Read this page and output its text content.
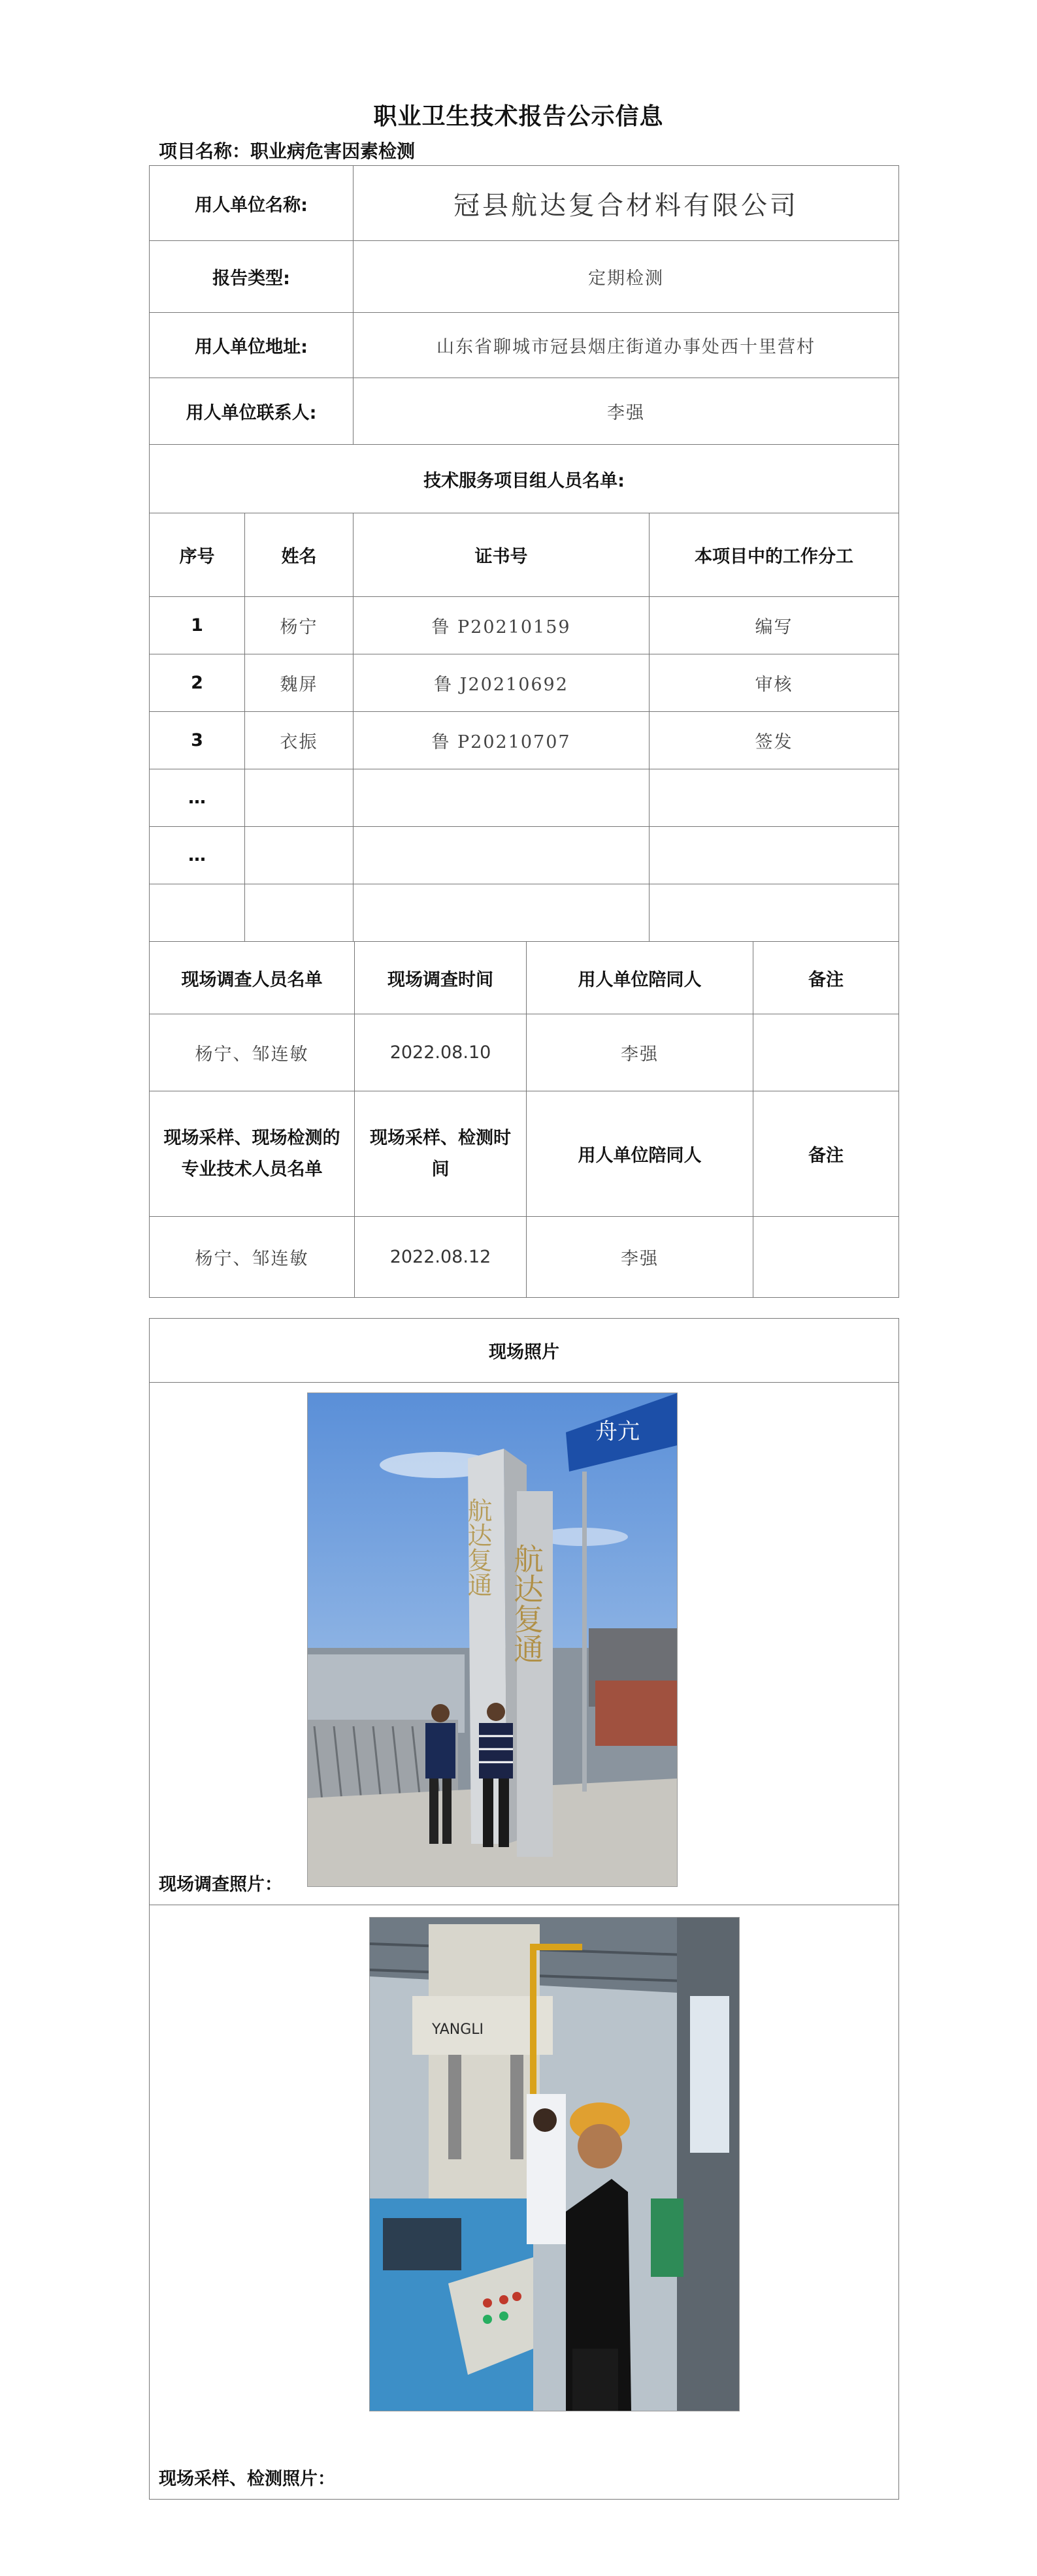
职业卫生技术报告公示信息
项目名称：职业病危害因素检测
用人单位名称:		冠县航达复合材料有限公司	
报告类型:		定期检测	
用人单位地址:		山东省聊城市冠县烟庄街道办事处西十里营村	
用人单位联系人:		李强	
技术服务项目组人员名单:			
序号	姓名	证书号	本项目中的工作分工
1	杨宁	鲁 P20210159	编写
2	魏屏	鲁 J20210692	审核
3	衣振	鲁 P20210707	签发
…			
…			

现场调查人员名单	现场调查时间	用人单位陪同人	备注
杨宁、邹连敏	2022.08.10	李强	
现场采样、现场检测的专业技术人员名单	现场采样、检测时间	用人单位陪同人	备注
杨宁、邹连敏	2022.08.12	李强	
现场照片

舟亢
航达复通 航达复通
现场调查照片：

YANGLI
现场采样、检测照片：
